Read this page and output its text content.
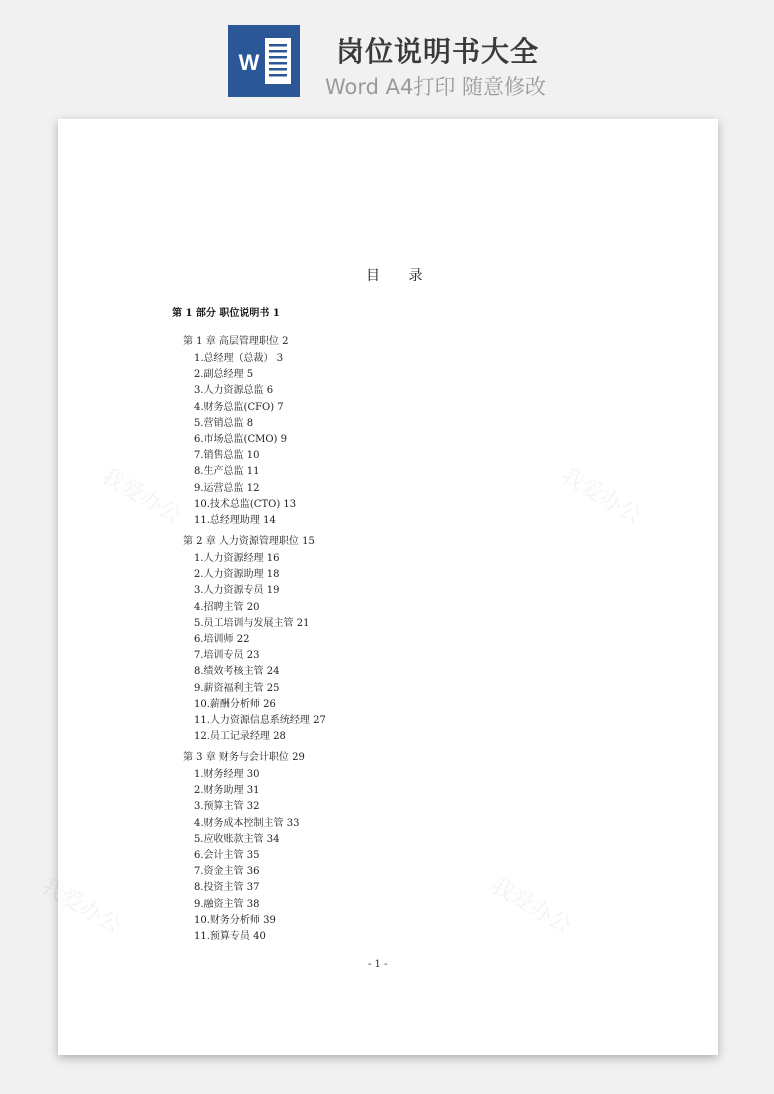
W	岗位说明书大全
Word A4打印 随意修改
我爱办公	我爱办公
我爱办公	我爱办公
目 录
第 1 部分 职位说明书 1
第 1 章 高层管理职位 2
1.总经理（总裁） 3
2.副总经理 5
3.人力资源总监 6
4.财务总监(CFO) 7
5.营销总监 8
6.市场总监(CMO) 9
7.销售总监 10
8.生产总监 11
9.运营总监 12
10.技术总监(CTO) 13
11.总经理助理 14
第 2 章 人力资源管理职位 15
1.人力资源经理 16
2.人力资源助理 18
3.人力资源专员 19
4.招聘主管 20
5.员工培训与发展主管 21
6.培训师 22
7.培训专员 23
8.绩效考核主管 24
9.薪资福利主管 25
10.薪酬分析师 26
11.人力资源信息系统经理 27
12.员工记录经理 28
第 3 章 财务与会计职位 29
1.财务经理 30
2.财务助理 31
3.预算主管 32
4.财务成本控制主管 33
5.应收账款主管 34
6.会计主管 35
7.资金主管 36
8.投资主管 37
9.融资主管 38
10.财务分析师 39
11.预算专员 40
- 1 -
